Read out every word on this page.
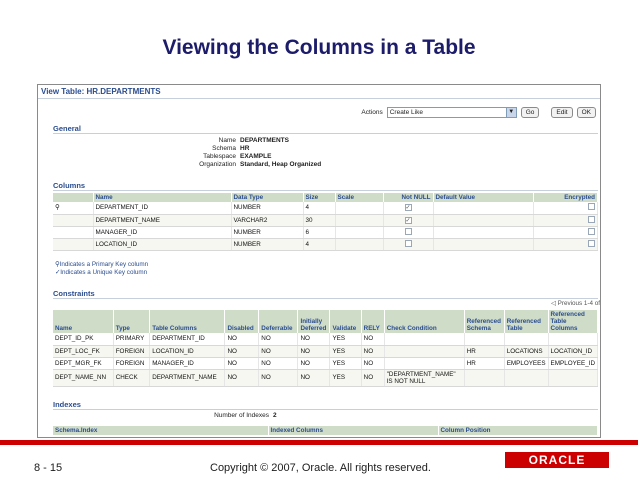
Viewing the Columns in a Table
View Table: HR.DEPARTMENTS
Actions	Create Like	▼	Go	Edit	OK
General
Name DEPARTMENTS
Schema HR
Tablespace EXAMPLE
Organization Standard, Heap Organized
Columns
	Name	Data Type	Size	Scale	Not NULL	Default Value	Encrypted
⚲	DEPARTMENT_ID	NUMBER	4		✓		
	DEPARTMENT_NAME	VARCHAR2	30		✓		
	MANAGER_ID	NUMBER	6				
	LOCATION_ID	NUMBER	4				
⚲Indicates a Primary Key column
✓Indicates a Unique Key column
Constraints
◁ Previous 1-4 of
Name	Type	Table Columns	Disabled	Deferrable	Initially Deferred	Validate	RELY	Check Condition	Referenced Schema	Referenced Table	Referenced Table Columns
DEPT_ID_PK	PRIMARY	DEPARTMENT_ID	NO	NO	NO	YES	NO				
DEPT_LOC_FK	FOREIGN	LOCATION_ID	NO	NO	NO	YES	NO		HR	LOCATIONS	LOCATION_ID
DEPT_MGR_FK	FOREIGN	MANAGER_ID	NO	NO	NO	YES	NO		HR	EMPLOYEES	EMPLOYEE_ID
DEPT_NAME_NN	CHECK	DEPARTMENT_NAME	NO	NO	NO	YES	NO	"DEPARTMENT_NAME" IS NOT NULL			
Indexes
Number of Indexes 2
Schema.Index	Indexed Columns	Column Position
8 - 15	Copyright © 2007, Oracle. All rights reserved.
ORACLE
